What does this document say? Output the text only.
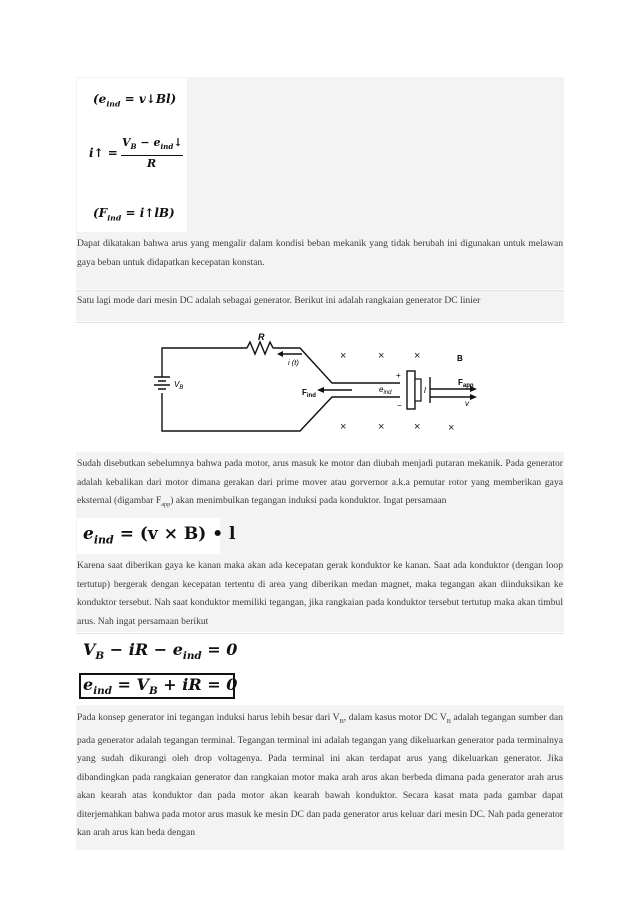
($e_{ind}$ = v↓Bl)
i↑ =
$V_B$ − $e_{ind}↓$
R
($F_{ind}$ = i↑lB)

Dapat dikatakan bahwa arus yang mengalir dalam kondisi beban mekanik yang tidak berubah ini digunakan untuk melawan gaya beban untuk didapatkan kecepatan konstan.

Satu lagi mode dari mesin DC adalah sebagai generator. Berikut ini adalah rangkaian generator DC linier

R
$V_B$
i (t)
$F_{ind}$
$e_{ind}$
+
−
l
B
$F_{app}$
v
×	×	×
×
×	×	×

Sudah disebutkan sebelumnya bahwa pada motor, arus masuk ke motor dan diubah menjadi putaran mekanik. Pada generator adalah kebalikan dari motor dimana gerakan dari prime mover atau gorvernor a.k.a pemutar rotor yang memberikan gaya eksternal (digambar $F_{app}$) akan menimbulkan tegangan induksi pada konduktor. Ingat persamaan

$e_{ind} = (v \times B)$ • l

Karena saat diberikan gaya ke kanan maka akan ada kecepatan gerak konduktor ke kanan. Saat ada konduktor (dengan loop tertutup) bergerak dengan kecepatan tertentu di area yang diberikan medan magnet, maka tegangan akan diinduksikan ke konduktor tersebut. Nah saat konduktor memiliki tegangan, jika rangkaian pada konduktor tersebut tertutup maka akan timbul arus. Nah ingat persamaan berikut

$V_B$ − iR − $e_{ind} = 0$
$e_{ind} = V_B$ + iR = 0

Pada konsep generator ini tegangan induksi harus lebih besar dari $V_B$, dalam kasus motor DC $V_B$ adalah tegangan sumber dan pada generator adalah tegangan terminal. Tegangan terminal ini adalah tegangan yang dikeluarkan generator pada terminalnya yang sudah dikurangi oleh drop voltagenya. Pada terminal ini akan terdapat arus yang dikeluarkan generator. Jika dibandingkan pada rangkaian generator dan rangkaian motor maka arah arus akan berbeda dimana pada generator arah arus akan kearah atas konduktor dan pada motor akan kearah bawah konduktor. Secara kasat mata pada gambar dapat diterjemahkan bahwa pada motor arus masuk ke mesin DC dan pada generator arus keluar dari mesin DC. Nah pada generator kan arah arus kan beda dengan
